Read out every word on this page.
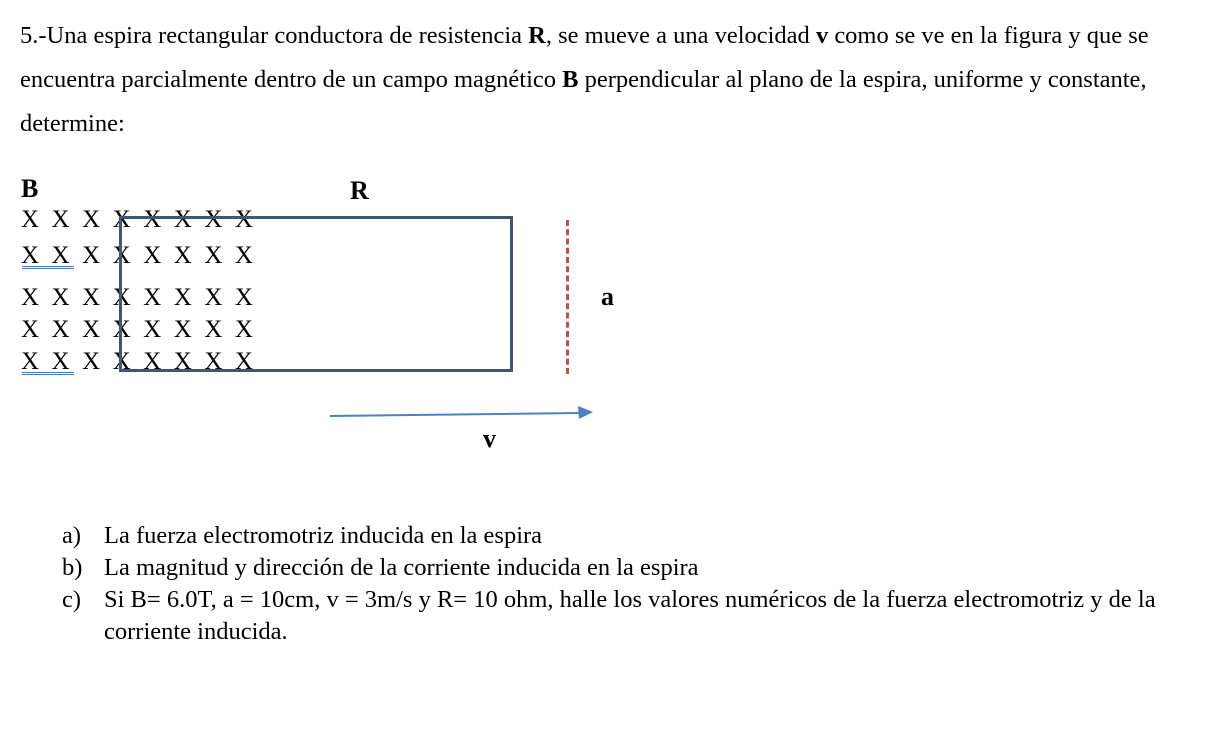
5.-Una espira rectangular conductora de resistencia R, se mueve a una velocidad v como se ve en la figura y que se encuentra parcialmente dentro de un campo magnético B perpendicular al plano de la espira, uniforme y constante, determine:

B	R
a
v
X  X  X  X  X  X  X  X
X  X  X  X  X  X  X  X
X  X  X  X  X  X  X  X
X  X  X  X  X  X  X  X
X  X  X  X  X  X  X  X
a) La fuerza electromotriz inducida en la espira
b) La magnitud y dirección de la corriente inducida en la espira
c) Si B= 6.0T, a = 10cm, v = 3m/s y R= 10 ohm, halle los valores numéricos de la fuerza electromotriz y de la corriente inducida.
